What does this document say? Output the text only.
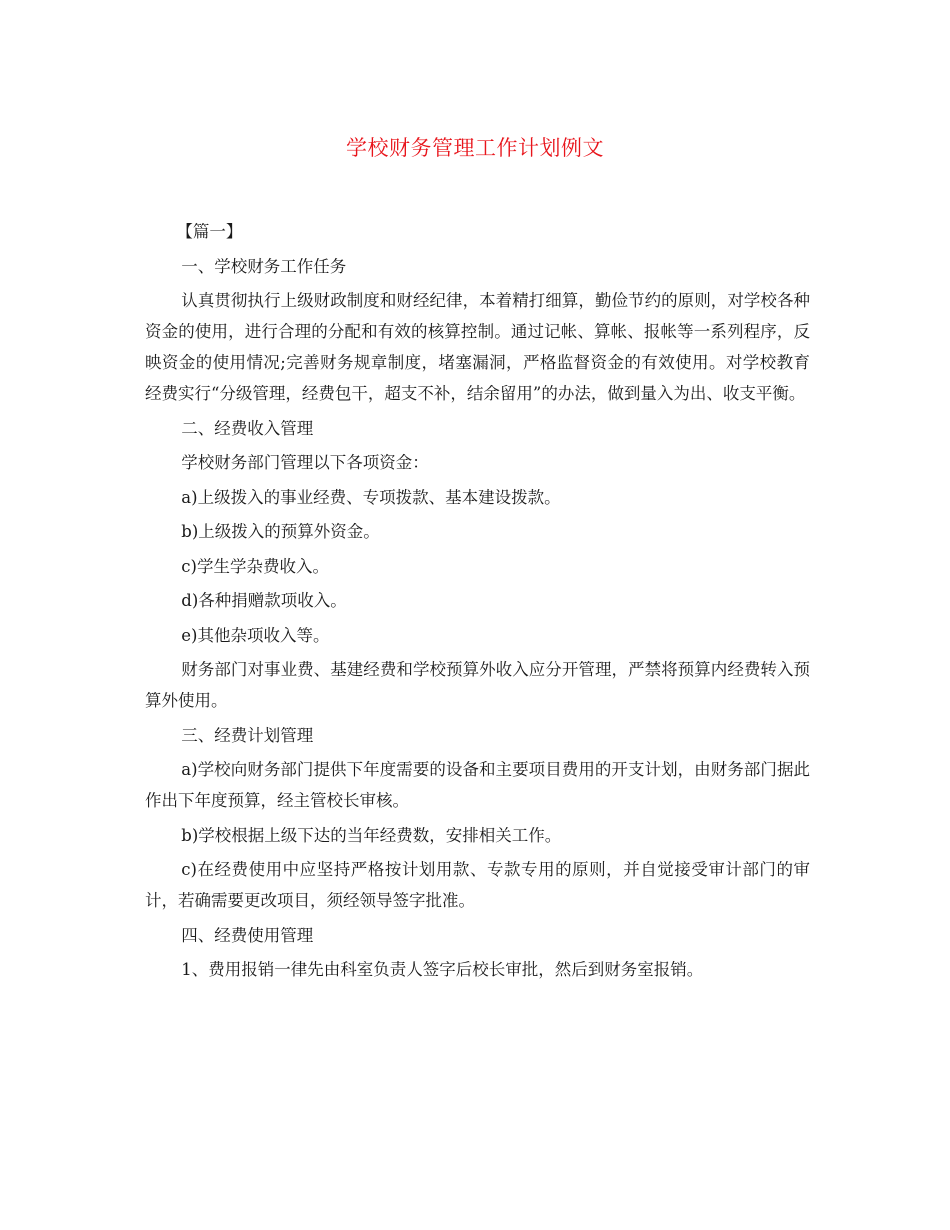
学校财务管理工作计划例文

【篇一】

一、学校财务工作任务

认真贯彻执行上级财政制度和财经纪律，本着精打细算，勤俭节约的原则，对学校各种资金的使用，进行合理的分配和有效的核算控制。通过记帐、算帐、报帐等一系列程序，反映资金的使用情况;完善财务规章制度，堵塞漏洞，严格监督资金的有效使用。对学校教育经费实行“分级管理，经费包干，超支不补，结余留用”的办法，做到量入为出、收支平衡。

二、经费收入管理

学校财务部门管理以下各项资金：

a)上级拨入的事业经费、专项拨款、基本建设拨款。

b)上级拨入的预算外资金。

c)学生学杂费收入。

d)各种捐赠款项收入。

e)其他杂项收入等。

财务部门对事业费、基建经费和学校预算外收入应分开管理，严禁将预算内经费转入预算外使用。

三、经费计划管理

a)学校向财务部门提供下年度需要的设备和主要项目费用的开支计划，由财务部门据此作出下年度预算，经主管校长审核。

b)学校根据上级下达的当年经费数，安排相关工作。

c)在经费使用中应坚持严格按计划用款、专款专用的原则，并自觉接受审计部门的审计，若确需要更改项目，须经领导签字批准。

四、经费使用管理

1、费用报销一律先由科室负责人签字后校长审批，然后到财务室报销。
